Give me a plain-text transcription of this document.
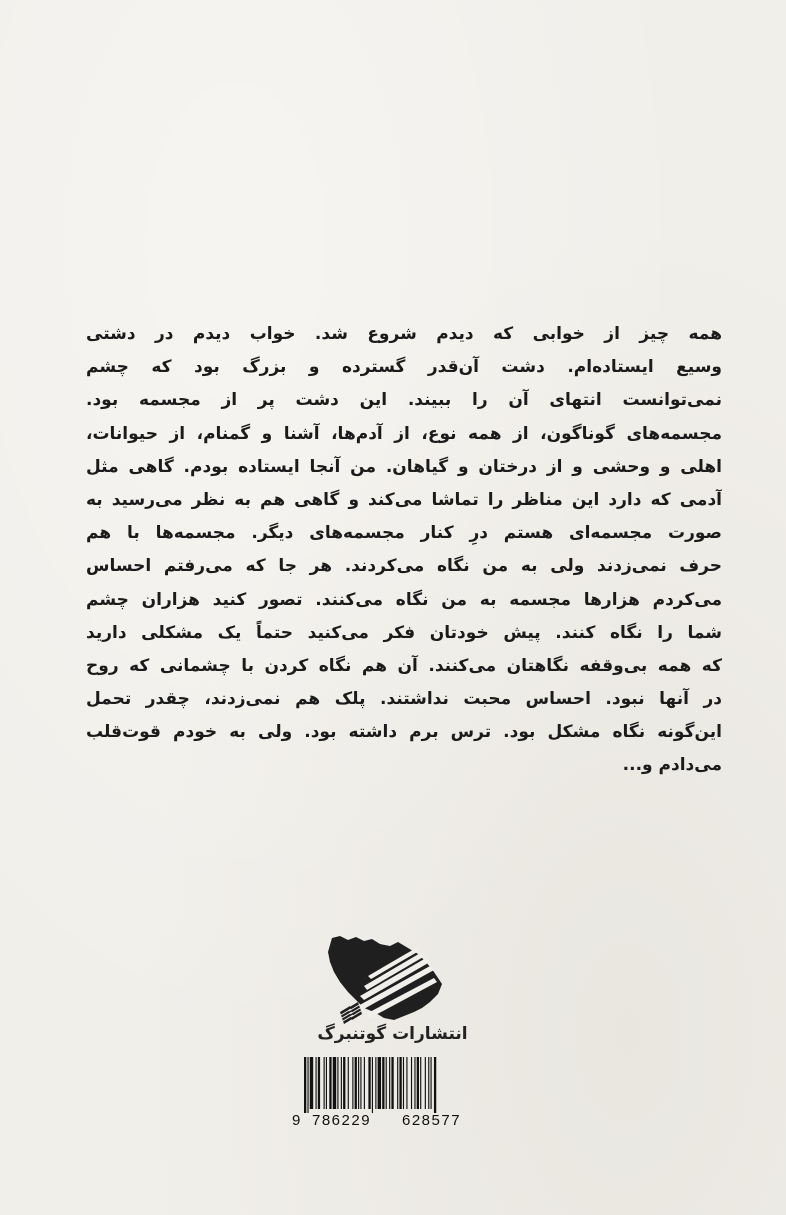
همه چیز از خوابی که دیدم شروع شد. خواب دیدم در دشتی
وسیع ایستاده‌ام. دشت آن‌قدر گسترده و بزرگ بود که چشم
نمی‌توانست انتهای آن را ببیند. این دشت پر از مجسمه بود.
مجسمه‌های گوناگون، از همه نوع، از آدم‌ها، آشنا و گمنام، از حیوانات،
اهلی و وحشی و از درختان و گیاهان. من آنجا ایستاده بودم. گاهی مثل
آدمی که دارد این مناظر را تماشا می‌کند و گاهی هم به نظر می‌رسید به
صورت مجسمه‌ای هستم درِ کنار مجسمه‌های دیگر. مجسمه‌ها با هم
حرف نمی‌زدند ولی به من نگاه می‌کردند. هر جا که می‌رفتم احساس
می‌کردم هزارها مجسمه به من نگاه می‌کنند. تصور کنید هزاران چشم
شما را نگاه کنند. پیش خودتان فکر می‌کنید حتماً یک مشکلی دارید
که همه بی‌وقفه نگاهتان می‌کنند. آن هم نگاه کردن با چشمانی که روح
در آنها نبود. احساس محبت نداشتند. پلک هم نمی‌زدند، چقدر تحمل
این‌گونه نگاه مشکل بود. ترس برم داشته بود. ولی به خودم قوت‌قلب
می‌دادم و...
انتشارات گوتنبرگ
9 786229 628577
